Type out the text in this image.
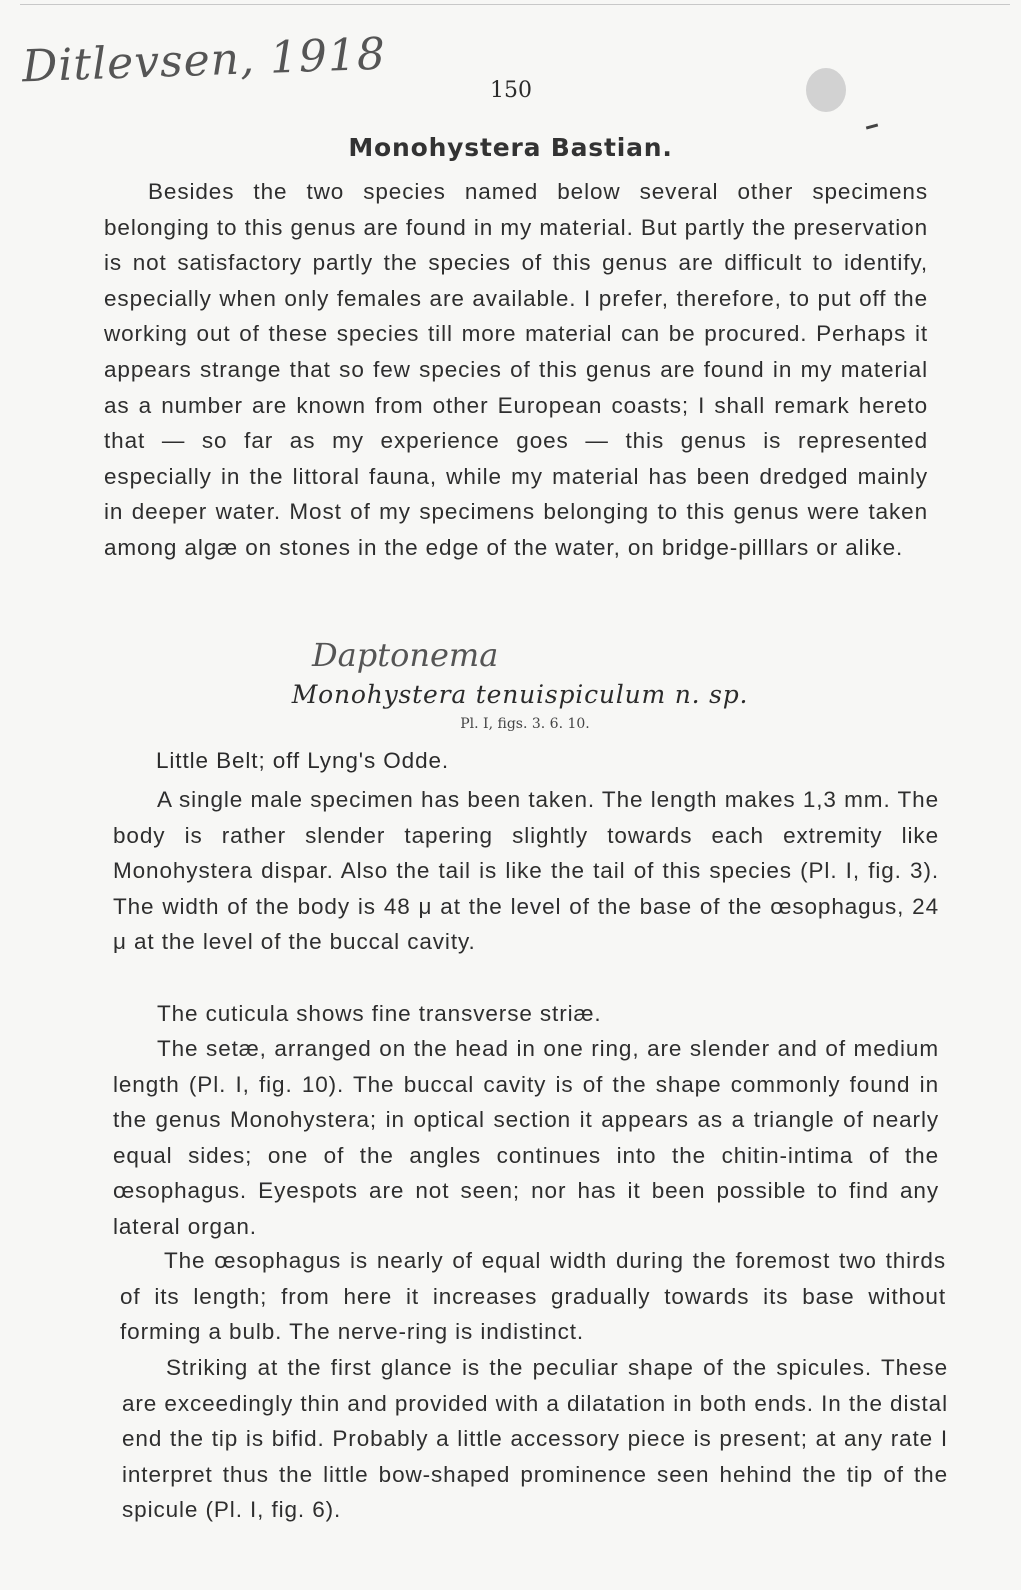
Ditlevsen, 1918	150
Monohystera Bastian.

Besides the two species named below several other specimens belonging to this genus are found in my material. But partly the preservation is not satisfactory partly the species of this genus are difficult to identify, especially when only females are available. I prefer, therefore, to put off the working out of these species till more material can be procured. Perhaps it appears strange that so few species of this genus are found in my material as a number are known from other European coasts; I shall remark hereto that — so far as my experience goes — this genus is represented especially in the littoral fauna, while my material has been dredged mainly in deeper water. Most of my specimens belonging to this genus were taken among algæ on stones in the edge of the water, on bridge-pilllars or alike.

Daptonema
Monohystera tenuispiculum n. sp.
Pl. I, figs. 3. 6. 10.
Little Belt; off Lyng's Odde.

A single male specimen has been taken. The length makes 1,3 mm. The body is rather slender tapering slightly towards each extremity like Monohystera dispar. Also the tail is like the tail of this species (Pl. I, fig. 3). The width of the body is 48 μ at the level of the base of the œsophagus, 24 μ at the level of the buccal cavity.

The cuticula shows fine transverse striæ.

The setæ, arranged on the head in one ring, are slender and of medium length (Pl. I, fig. 10). The buccal cavity is of the shape commonly found in the genus Monohystera; in optical section it appears as a triangle of nearly equal sides; one of the angles continues into the chitin-intima of the œsophagus. Eyespots are not seen; nor has it been possible to find any lateral organ.

The œsophagus is nearly of equal width during the foremost two thirds of its length; from here it increases gradually towards its base without forming a bulb. The nerve-ring is indistinct.

Striking at the first glance is the peculiar shape of the spicules. These are exceedingly thin and provided with a dilatation in both ends. In the distal end the tip is bifid. Probably a little accessory piece is present; at any rate I interpret thus the little bow-shaped prominence seen hehind the tip of the spicule (Pl. I, fig. 6).
